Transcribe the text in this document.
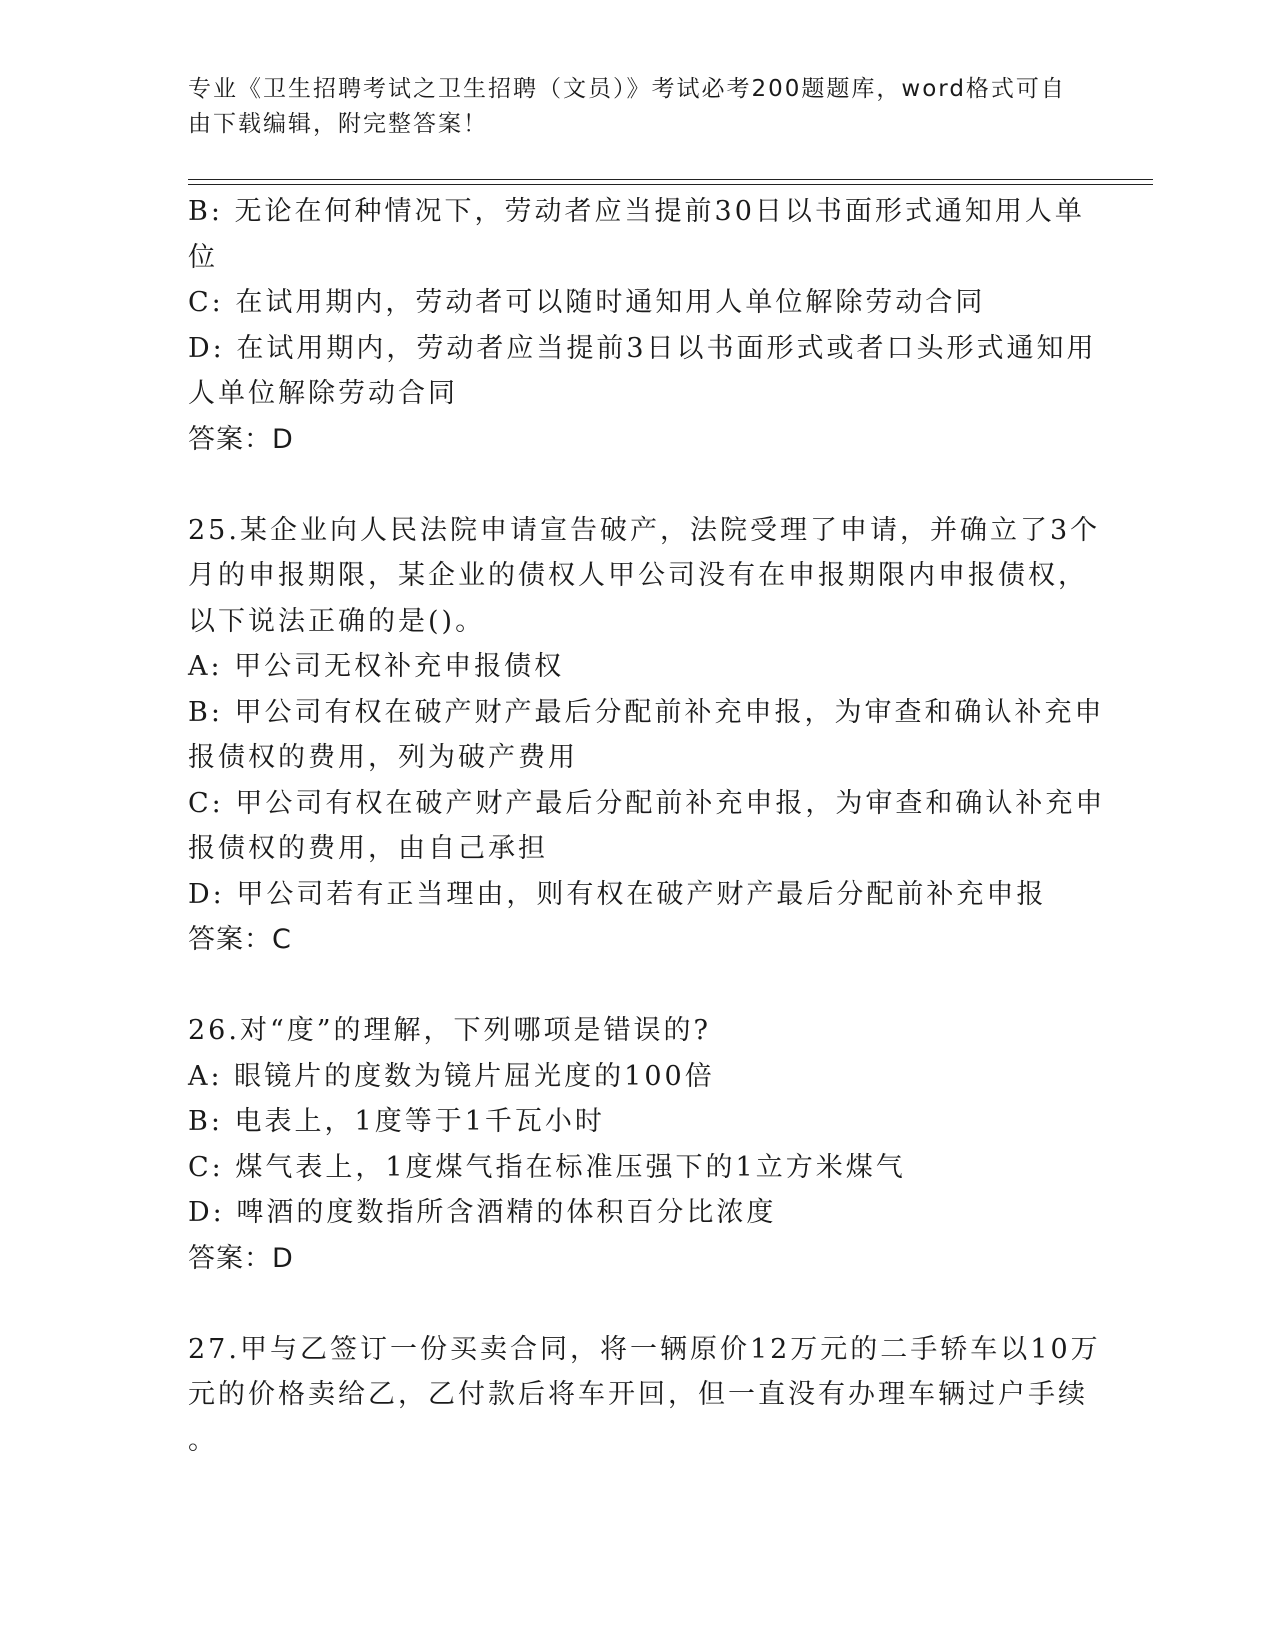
专业《卫生招聘考试之卫生招聘（文员）》考试必考200题题库，word格式可自
由下载编辑，附完整答案！
B: 无论在何种情况下，劳动者应当提前30日以书面形式通知用人单
位
C: 在试用期内，劳动者可以随时通知用人单位解除劳动合同
D: 在试用期内，劳动者应当提前3日以书面形式或者口头形式通知用
人单位解除劳动合同
答案：D
25.某企业向人民法院申请宣告破产，法院受理了申请，并确立了3个
月的申报期限，某企业的债权人甲公司没有在申报期限内申报债权，
以下说法正确的是()。
A: 甲公司无权补充申报债权
B: 甲公司有权在破产财产最后分配前补充申报，为审查和确认补充申
报债权的费用，列为破产费用
C: 甲公司有权在破产财产最后分配前补充申报，为审查和确认补充申
报债权的费用，由自己承担
D: 甲公司若有正当理由，则有权在破产财产最后分配前补充申报
答案：C
26.对“度”的理解，下列哪项是错误的?
A: 眼镜片的度数为镜片屈光度的100倍
B: 电表上，1度等于1千瓦小时
C: 煤气表上，1度煤气指在标准压强下的1立方米煤气
D: 啤酒的度数指所含酒精的体积百分比浓度
答案：D
27.甲与乙签订一份买卖合同，将一辆原价12万元的二手轿车以10万
元的价格卖给乙，乙付款后将车开回，但一直没有办理车辆过户手续
。
